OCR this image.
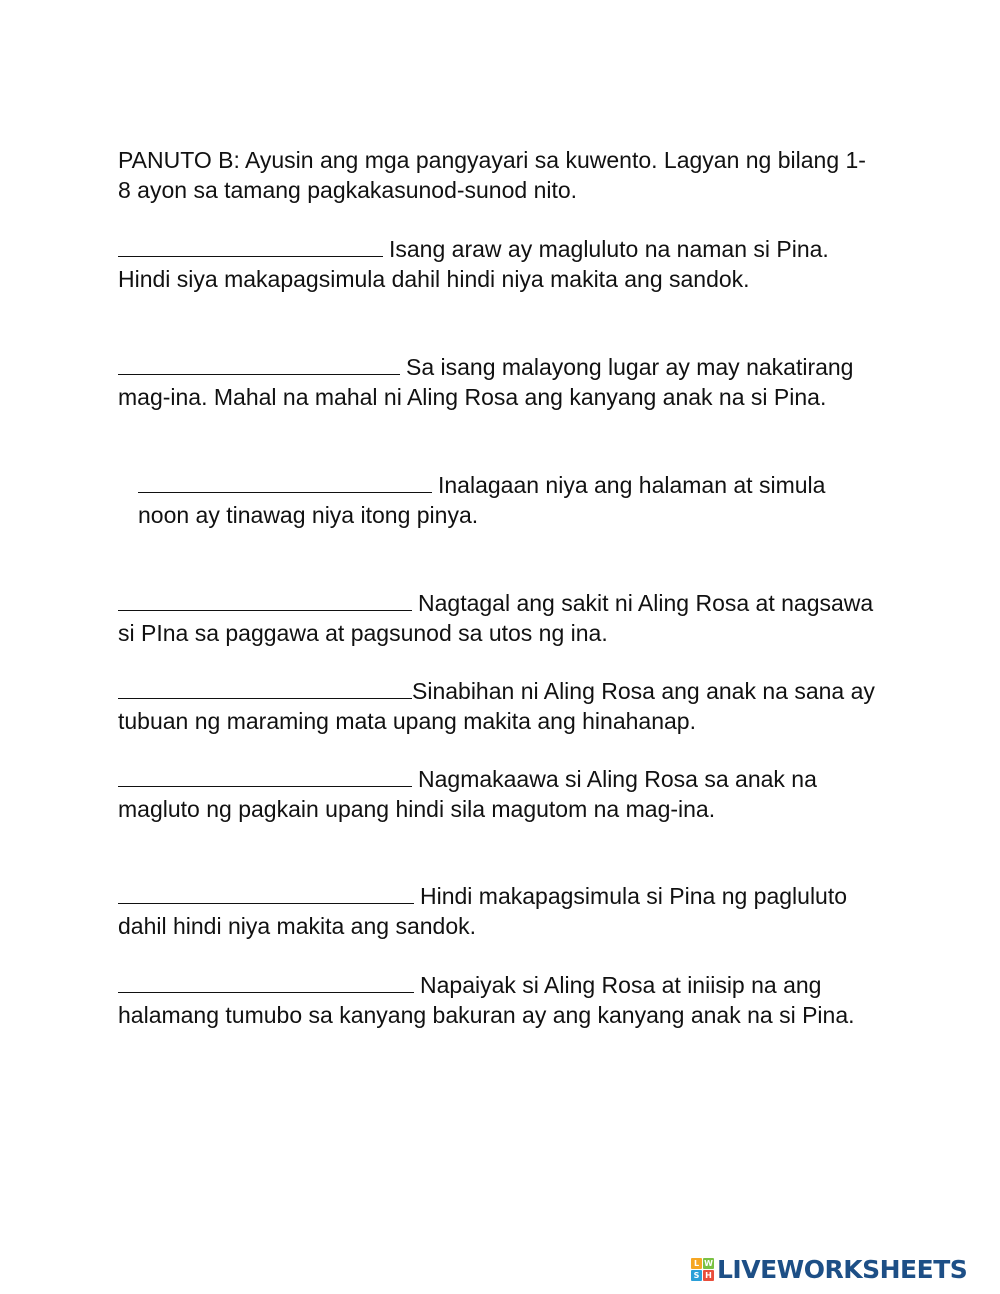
PANUTO B: Ayusin ang mga pangyayari sa kuwento. Lagyan ng bilang 1- 8 ayon sa tamang pagkakasunod-sunod nito.

Isang araw ay magluluto na naman si Pina. Hindi siya makapagsimula dahil hindi niya makita ang sandok.

Sa isang malayong lugar ay may nakatirang mag-ina. Mahal na mahal ni Aling Rosa ang kanyang anak na si Pina.

Inalagaan niya ang halaman at simula noon ay tinawag niya itong pinya.

Nagtagal ang sakit ni Aling Rosa at nagsawa si PIna sa paggawa at pagsunod sa utos ng ina.

Sinabihan ni Aling Rosa ang anak na sana ay tubuan ng maraming mata upang makita ang hinahanap.

Nagmakaawa si Aling Rosa sa anak na magluto ng pagkain upang hindi sila magutom na mag-ina.

Hindi makapagsimula si Pina ng pagluluto dahil hindi niya makita ang sandok.

Napaiyak si Aling Rosa at iniisip na ang halamang tumubo sa kanyang bakuran ay ang kanyang anak na si Pina.

L W
S H LIVEWORKSHEETS
